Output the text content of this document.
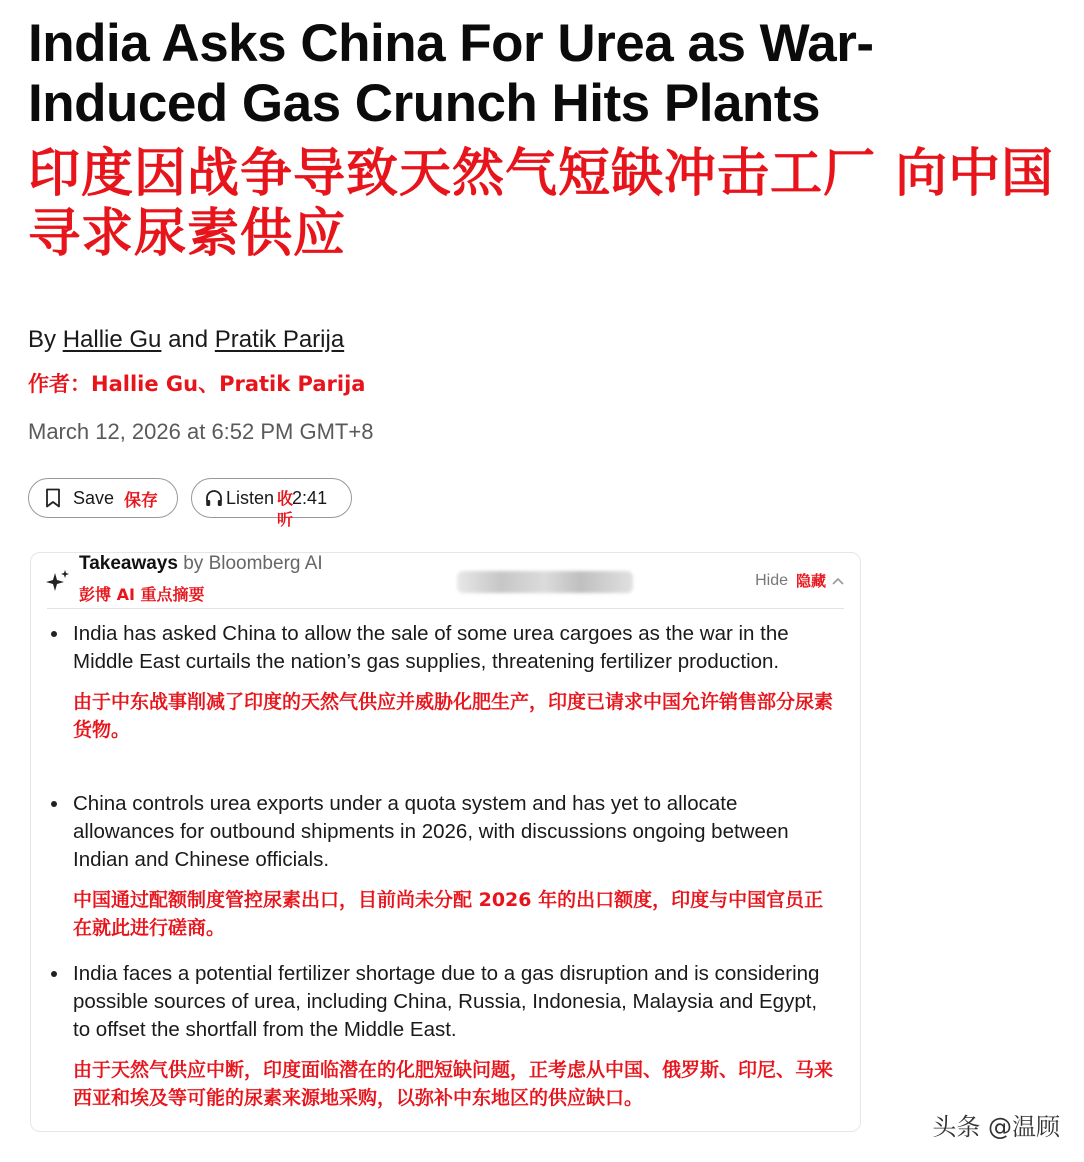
India Asks China For Urea as War-Induced Gas Crunch Hits Plants
印度因战争导致天然气短缺冲击工厂 向中国寻求尿素供应
By Hallie Gu and Pratik Parija
作者：Hallie Gu、Pratik Parija
March 12, 2026 at 6:52 PM GMT+8
Save 保存	Listen 2:41
收听
Takeaways by Bloomberg AI
彭博 AI 重点摘要
Hide 隐藏
India has asked China to allow the sale of some urea cargoes as the war in the Middle East curtails the nation’s gas supplies, threatening fertilizer production.
由于中东战事削减了印度的天然气供应并威胁化肥生产，印度已请求中国允许销售部分尿素货物。
China controls urea exports under a quota system and has yet to allocate allowances for outbound shipments in 2026, with discussions ongoing between Indian and Chinese officials.
中国通过配额制度管控尿素出口，目前尚未分配 2026 年的出口额度，印度与中国官员正在就此进行磋商。
India faces a potential fertilizer shortage due to a gas disruption and is considering possible sources of urea, including China, Russia, Indonesia, Malaysia and Egypt, to offset the shortfall from the Middle East.
由于天然气供应中断，印度面临潜在的化肥短缺问题，正考虑从中国、俄罗斯、印尼、马来西亚和埃及等可能的尿素来源地采购，以弥补中东地区的供应缺口。
头条 @温顾
